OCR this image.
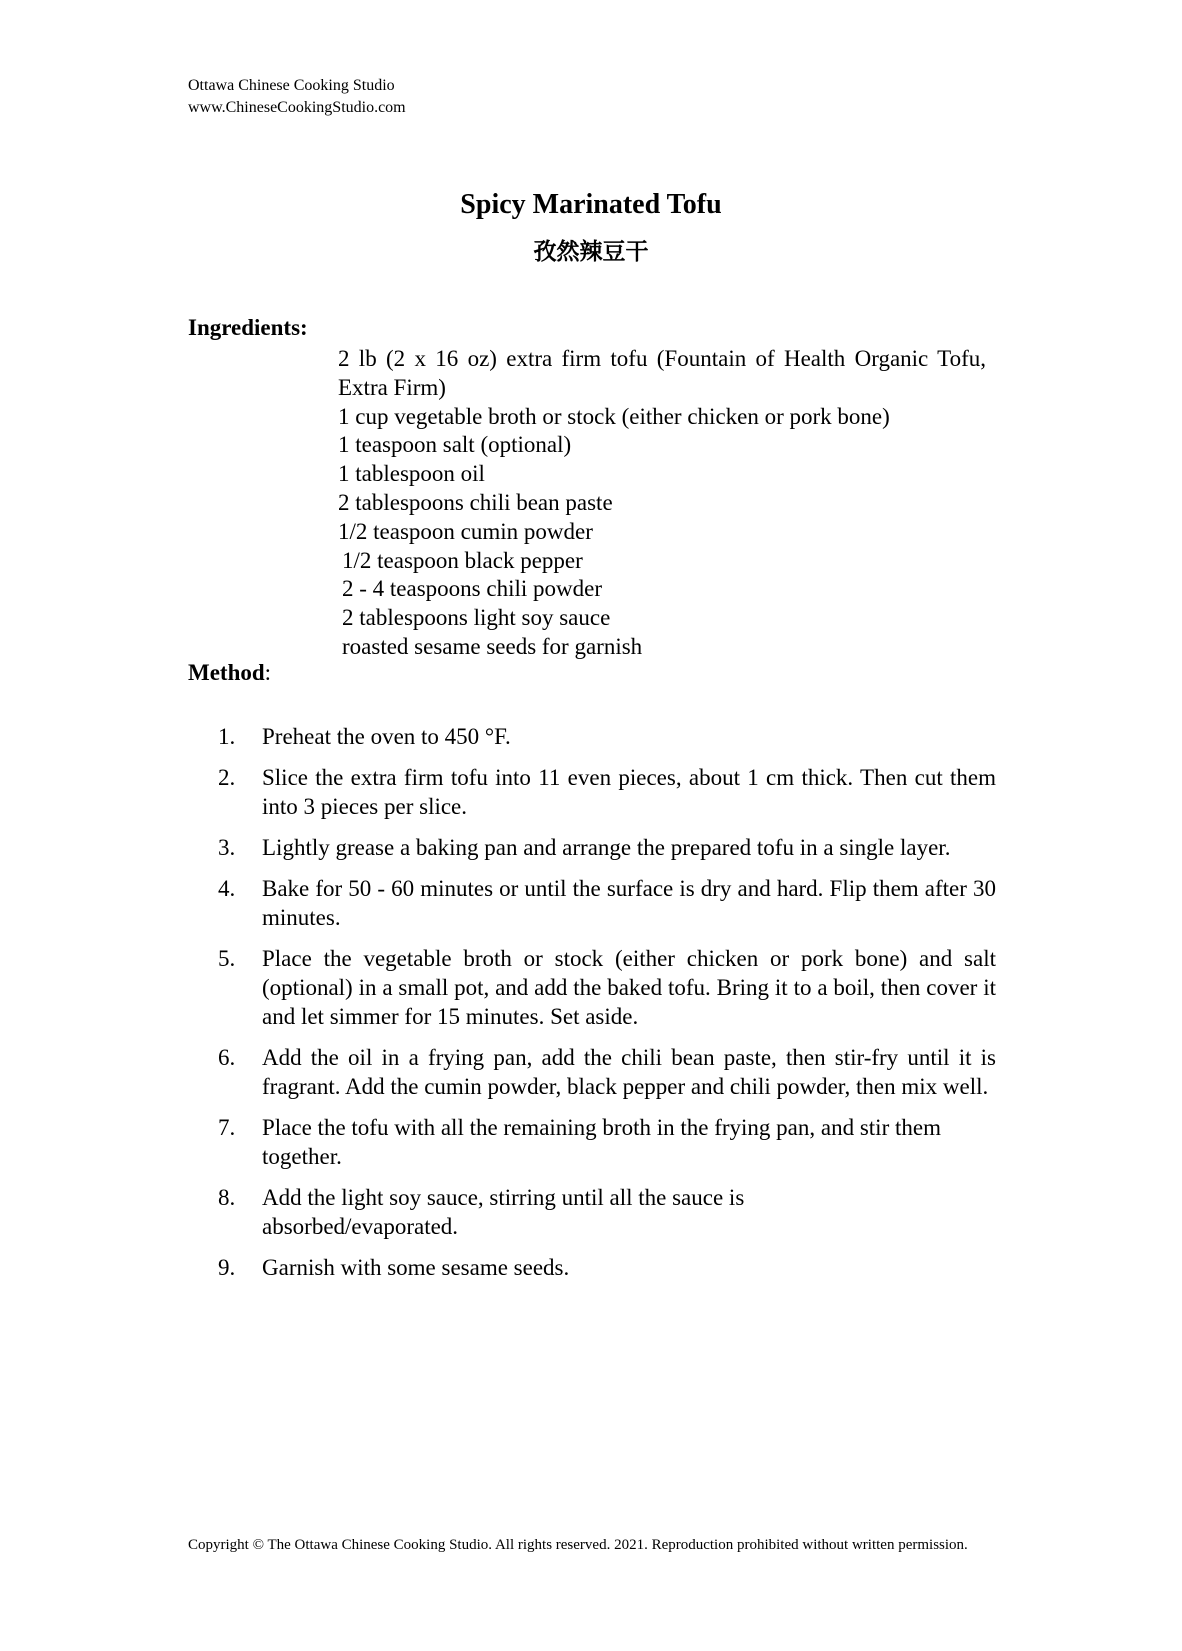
Ottawa Chinese Cooking Studio
www.ChineseCookingStudio.com
Spicy Marinated Tofu
孜然辣豆干
Ingredients:
2 lb (2 x 16 oz) extra firm tofu (Fountain of Health Organic Tofu, Extra Firm)
1 cup vegetable broth or stock (either chicken or pork bone)
1 teaspoon salt (optional)
1 tablespoon oil
2 tablespoons chili bean paste
1/2 teaspoon cumin powder
1/2 teaspoon black pepper
2 - 4 teaspoons chili powder
2 tablespoons light soy sauce
roasted sesame seeds for garnish
Method:
1.	Preheat the oven to 450 °F.
2.	Slice the extra firm tofu into 11 even pieces, about 1 cm thick. Then cut them into 3 pieces per slice.
3.	Lightly grease a baking pan and arrange the prepared tofu in a single layer.
4.	Bake for 50 - 60 minutes or until the surface is dry and hard. Flip them after 30 minutes.
5.	Place the vegetable broth or stock (either chicken or pork bone) and salt (optional) in a small pot, and add the baked tofu. Bring it to a boil, then cover it and let simmer for 15 minutes. Set aside.
6.	Add the oil in a frying pan, add the chili bean paste, then stir-fry until it is fragrant. Add the cumin powder, black pepper and chili powder, then mix well.
7.	Place the tofu with all the remaining broth in the frying pan, and stir them together.
8.	Add the light soy sauce, stirring until all the sauce is absorbed/evaporated.
9.	Garnish with some sesame seeds.
Copyright © The Ottawa Chinese Cooking Studio. All rights reserved. 2021. Reproduction prohibited without written permission.
